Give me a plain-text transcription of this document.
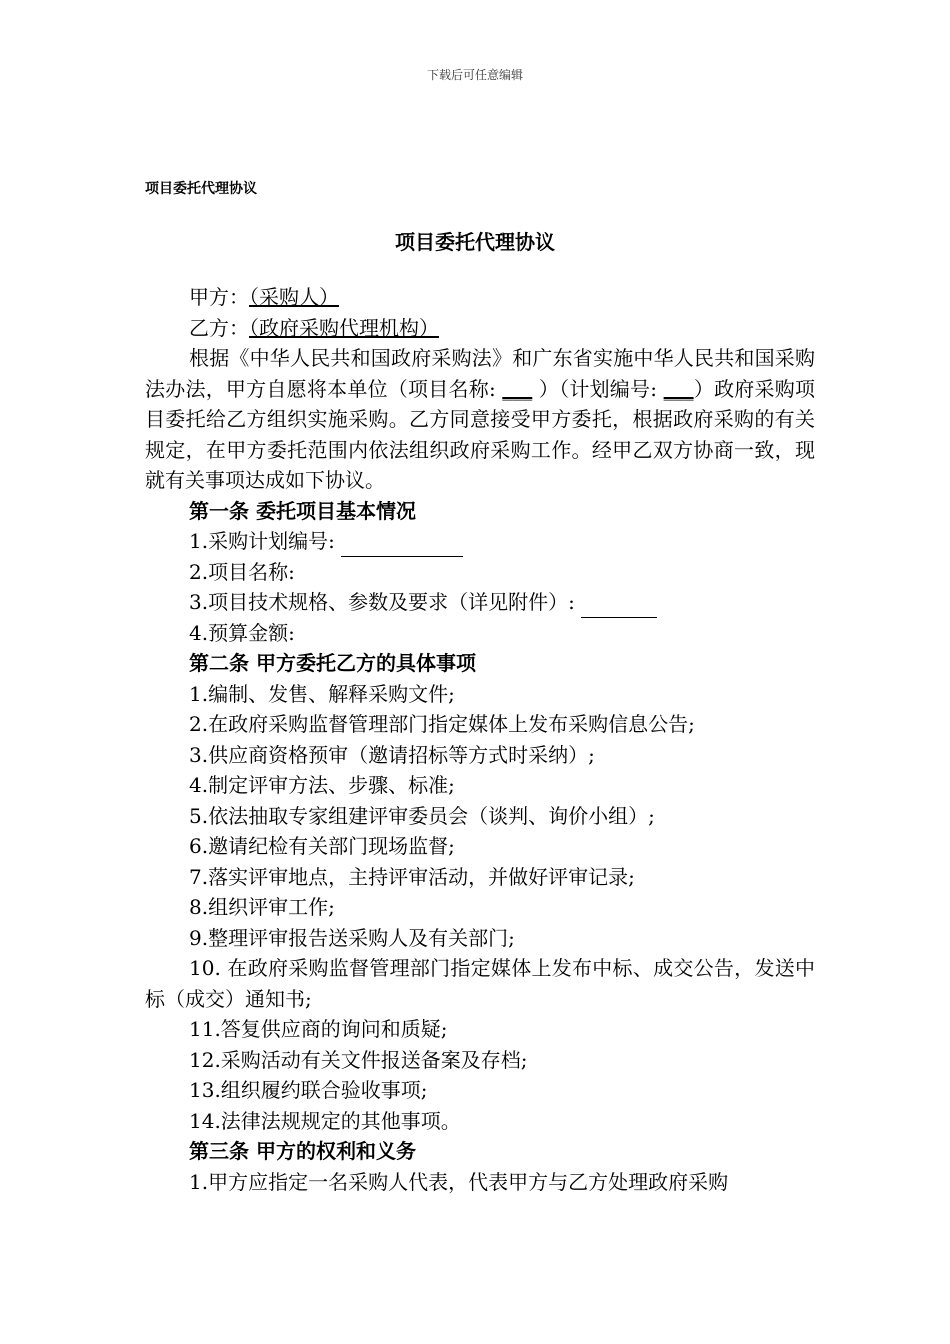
下载后可任意编辑
项目委托代理协议
项目委托代理协议
甲方：（采购人）
乙方：（政府采购代理机构）
根据《中华人民共和国政府采购法》和广东省实施中华人民共和国采购法办法，甲方自愿将本单位（项目名称: ___ ）（计划编号: ___）政府采购项目委托给乙方组织实施采购。乙方同意接受甲方委托，根据政府采购的有关规定，在甲方委托范围内依法组织政府采购工作。经甲乙双方协商一致，现就有关事项达成如下协议。
第一条 委托项目基本情况
1.采购计划编号:
2.项目名称:
3.项目技术规格、参数及要求（详见附件）:
4.预算金额:
第二条 甲方委托乙方的具体事项
1.编制、发售、解释采购文件;
2.在政府采购监督管理部门指定媒体上发布采购信息公告;
3.供应商资格预审（邀请招标等方式时采纳）;
4.制定评审方法、步骤、标准;
5.依法抽取专家组建评审委员会（谈判、询价小组）;
6.邀请纪检有关部门现场监督;
7.落实评审地点，主持评审活动，并做好评审记录;
8.组织评审工作;
9.整理评审报告送采购人及有关部门;
10. 在政府采购监督管理部门指定媒体上发布中标、成交公告，发送中标（成交）通知书;
11.答复供应商的询问和质疑;
12.采购活动有关文件报送备案及存档;
13.组织履约联合验收事项;
14.法律法规规定的其他事项。
第三条 甲方的权利和义务
1.甲方应指定一名采购人代表，代表甲方与乙方处理政府采购
